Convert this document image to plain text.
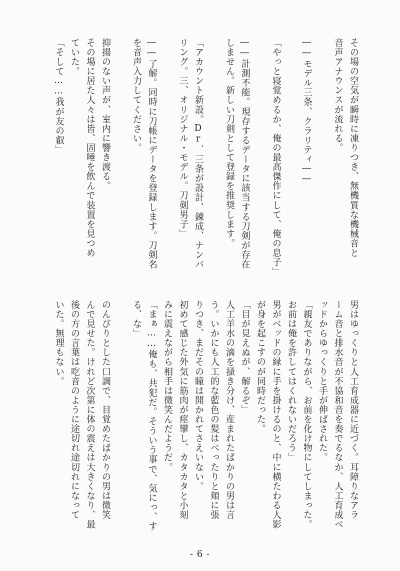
その場の空気が瞬時に凍りつき、無機質な機械音と
音声アナウンスが流れる。

――モデル三条、クラリティ――

「やっと寝覚めるか、俺の最高傑作にして、俺の息子」

――計測不能。現存するデータに該当する刀剣が存在
しません。新しい刀剣として登録を推奨します。

「アカウント新設。Dr．三条が設計、錬成、ナンバ
リング。三、オリジナル・モデル。刀剣男子」

――了解。同時に刀帳にデータを登録します。刀剣名
を音声入力してください。

抑揚のない声が、室内に響き渡る。
その場に居た人々は皆、固唾を飲んで装置を見つめ
ていた。
「そして……我が友の叡」
男はゆっくりと人工育成器に近づく。耳障りなアラ
ーム音と排水音が不協和音を奏でるなか、人工育成ベ
ッドからゆっくりと手が伸ばされた。
「親友でありながら、お前を化け物にしてしまった。
お前は俺を許してはくれないだろう」
男がベッドの縁に手を掛けるのと、中に横たわる人影
が身を起こすのが同時だった。
「目が見えぬが、解るぞ」
人工羊水の滴を掻き分け、産まれたばかりの男は言
う。いかにも人工的な藍色の髪はべったりと頬に張
りつき、まだその瞳は開かれてさえいない。
初めて感じた外気に筋肉が痙攣し、カタカタと小刻
みに震えながら相手は微笑んだようだ。
「まぁ……俺も、共犯だ。そういう事で、気にっ、す
る、な」

のんびりとした口調で、目覚めたばかりの男は微笑
んで見せた。けれど次第に体の震えは大きくなり、最
後の方の言葉は吃音のように途切れ途切れになって
いた。無理もない。
- 6 -
